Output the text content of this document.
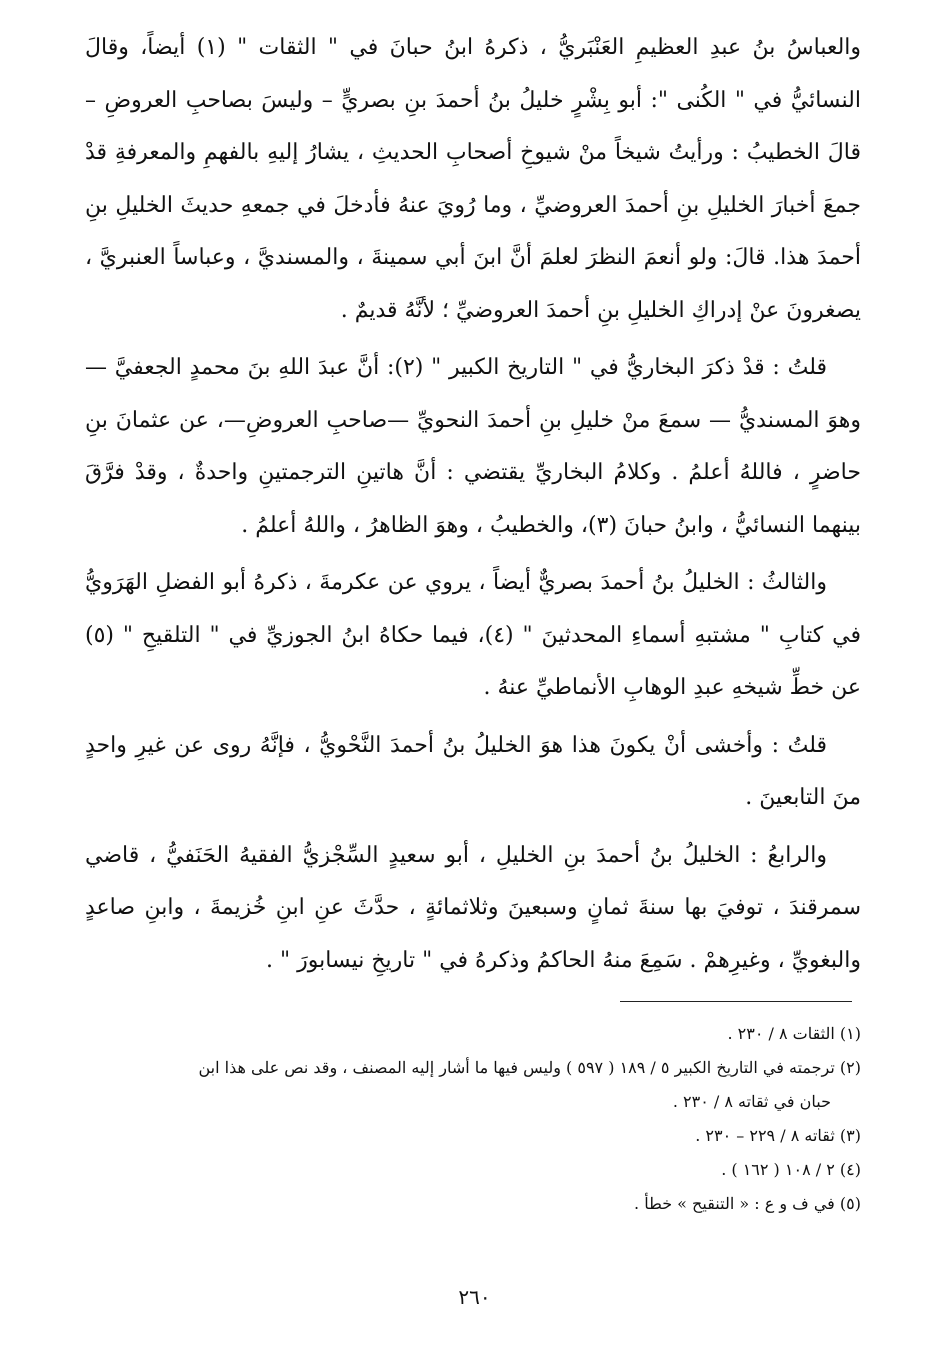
والعباسُ بنُ عبدِ العظيمِ العَنْبَريُّ ، ذكرهُ ابنُ حبانَ في " الثقات " (١) أيضاً، وقالَ النسائيُّ في " الكُنى ": أبو بِشْرٍ خليلُ بنُ أحمدَ بنِ بصريٍّ – وليسَ بصاحبِ العروضِ – قالَ الخطيبُ : ورأيتُ شيخاً منْ شيوخِ أصحابِ الحديثِ ، يشارُ إليهِ بالفهمِ والمعرفةِ قدْ جمعَ أخبارَ الخليلِ بنِ أحمدَ العروضيِّ ، وما رُويَ عنهُ فأدخلَ في جمعهِ حديثَ الخليلِ بنِ أحمدَ هذا. قالَ: ولو أنعمَ النظرَ لعلمَ أنَّ ابنَ أبي سمينةَ ، والمسنديَّ ، وعباساً العنبريَّ ، يصغرونَ عنْ إدراكِ الخليلِ بنِ أحمدَ العروضيِّ ؛ لأنَّهُ قديمٌ .

قلتُ : قدْ ذكرَ البخاريُّ في " التاريخ الكبير " (٢): أنَّ عبدَ اللهِ بنَ محمدٍ الجعفيَّ — وهوَ المسنديُّ — سمعَ منْ خليلِ بنِ أحمدَ النحويِّ —صاحبِ العروضِ—، عن عثمانَ بنِ حاضرٍ ، فاللهُ أعلمُ . وكلامُ البخاريِّ يقتضي : أنَّ هاتينِ الترجمتينِ واحدةٌ ، وقدْ فرَّقَ بينهما النسائيُّ ، وابنُ حبانَ (٣)، والخطيبُ ، وهوَ الظاهرُ ، واللهُ أعلمُ .

والثالثُ : الخليلُ بنُ أحمدَ بصريٌّ أيضاً ، يروي عن عكرمةَ ، ذكرهُ أبو الفضلِ الهَرَويُّ في كتابِ " مشتبهِ أسماءِ المحدثينَ " (٤)، فيما حكاهُ ابنُ الجوزيِّ في " التلقيحِ " (٥) عن خطِّ شيخهِ عبدِ الوهابِ الأنماطيِّ عنهُ .

قلتُ : وأخشى أنْ يكونَ هذا هوَ الخليلُ بنُ أحمدَ النَّحْويُّ ، فإنَّهُ روى عن غيرِ واحدٍ منَ التابعينَ .

والرابعُ : الخليلُ بنُ أحمدَ بنِ الخليلِ ، أبو سعيدٍ السِّجْزيُّ الفقيهُ الحَنَفيُّ ، قاضي سمرقندَ ، توفيَ بها سنةَ ثمانٍ وسبعينَ وثلاثمائةٍ ، حدَّثَ عنِ ابنِ خُزيمةَ ، وابنِ صاعدٍ والبغويِّ ، وغيرِهمْ . سَمِعَ منهُ الحاكمُ وذكرهُ في " تاريخِ نيسابورَ " .

(١) الثقات ٨ / ٢٣٠ .

(٢) ترجمته في التاريخ الكبير ٥ / ١٨٩ ( ٥٩٧ ) وليس فيها ما أشار إليه المصنف ، وقد نص على هذا ابن

حبان في ثقاته ٨ / ٢٣٠ .

(٣) ثقاته ٨ / ٢٢٩ – ٢٣٠ .

(٤) ٢ / ١٠٨ ( ١٦٢ ) .

(٥) في ف و ع : « التنقيح » خطأ .

٢٦٠
